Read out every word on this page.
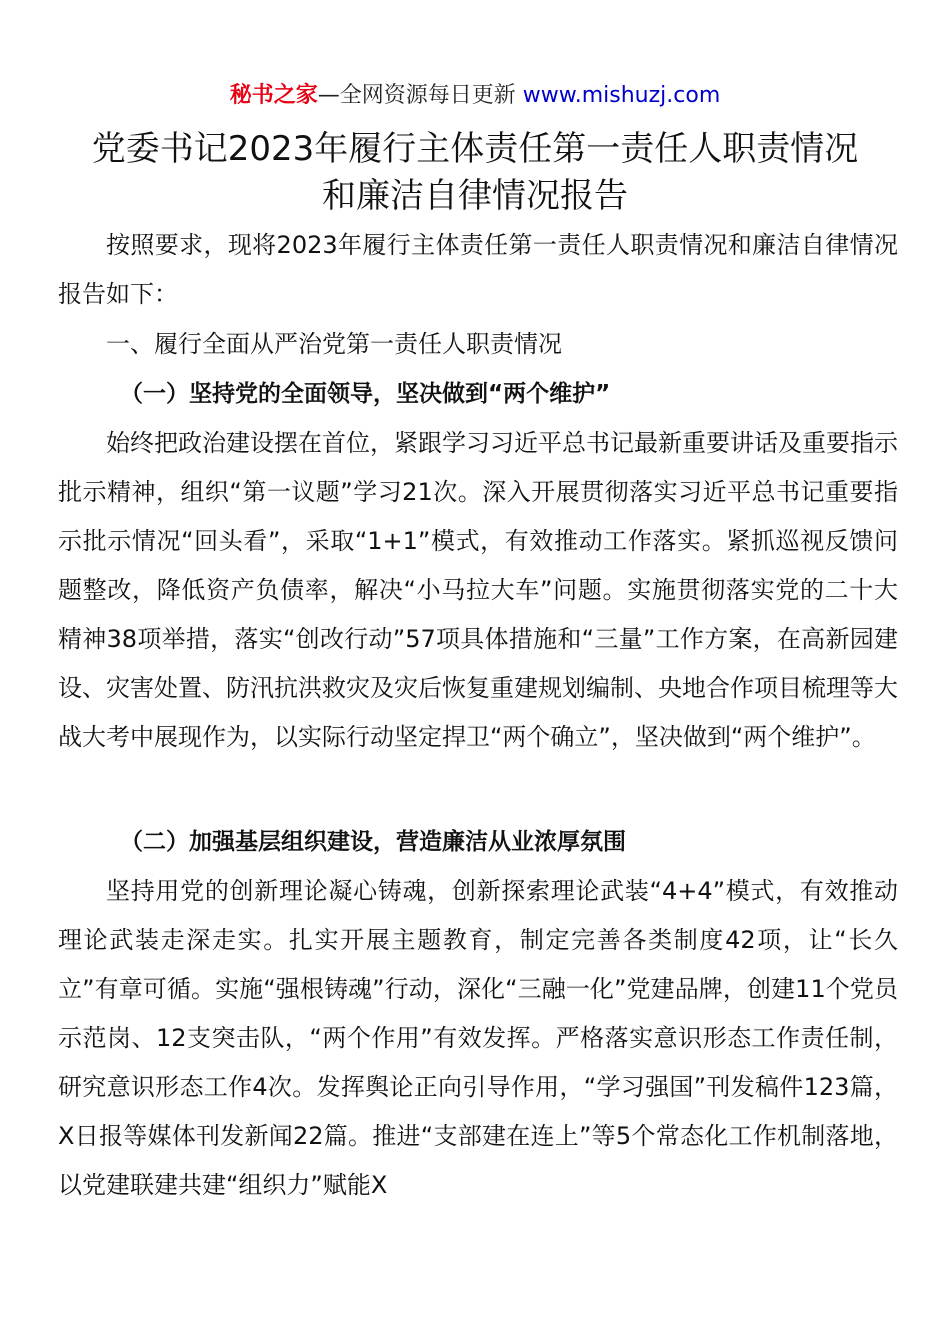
秘书之家—全网资源每日更新 www.mishuzj.com
党委书记2023年履行主体责任第一责任人职责情况
和廉洁自律情况报告

按照要求，现将2023年履行主体责任第一责任人职责情况和廉洁自律情况报告如下：

一、履行全面从严治党第一责任人职责情况

（一）坚持党的全面领导，坚决做到“两个维护”

始终把政治建设摆在首位，紧跟学习习近平总书记最新重要讲话及重要指示批示精神，组织“第一议题”学习21次。深入开展贯彻落实习近平总书记重要指示批示情况“回头看”，采取“1+1”模式，有效推动工作落实。紧抓巡视反馈问题整改，降低资产负债率，解决“小马拉大车”问题。实施贯彻落实党的二十大精神38项举措，落实“创改行动”57项具体措施和“三量”工作方案，在高新园建设、灾害处置、防汛抗洪救灾及灾后恢复重建规划编制、央地合作项目梳理等大战大考中展现作为，以实际行动坚定捍卫“两个确立”，坚决做到“两个维护”。

（二）加强基层组织建设，营造廉洁从业浓厚氛围

坚持用党的创新理论凝心铸魂，创新探索理论武装“4+4”模式，有效推动理论武装走深走实。扎实开展主题教育，制定完善各类制度42项，让“长久立”有章可循。实施“强根铸魂”行动，深化“三融一化”党建品牌，创建11个党员示范岗、12支突击队，“两个作用”有效发挥。严格落实意识形态工作责任制，研究意识形态工作4次。发挥舆论正向引导作用，“学习强国”刊发稿件123篇，X日报等媒体刊发新闻22篇。推进“支部建在连上”等5个常态化工作机制落地，以党建联建共建“组织力”赋能X
